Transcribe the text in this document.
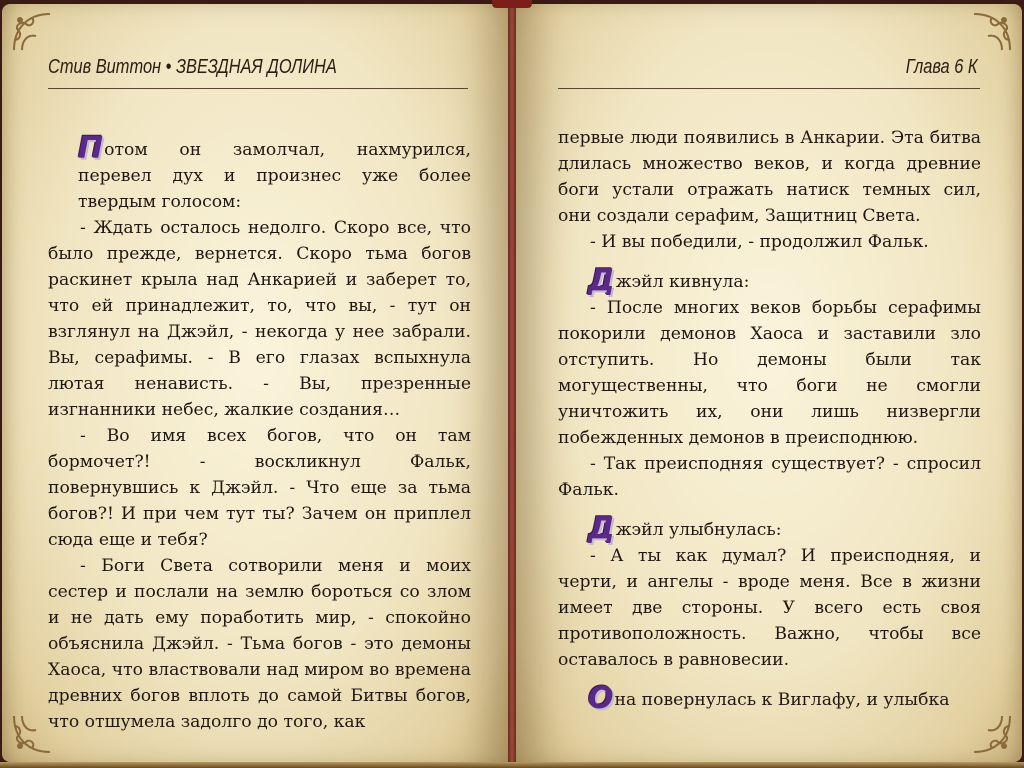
Стив Виттон • ЗВЕЗДНАЯ ДОЛИНА

Потом он замолчал, нахмурился, перевел дух и произнес уже более твердым голосом:

- Ждать осталось недолго. Скоро все, что было прежде, вернется. Скоро тьма богов раскинет крыла над Анкарией и заберет то, что ей принадлежит, то, что вы, - тут он взглянул на Джэйл, - некогда у нее забрали. Вы, серафимы. - В его глазах вспыхнула лютая ненависть. - Вы, презренные изгнанники небес, жалкие создания…

- Во имя всех богов, что он там бормочет?! - воскликнул Фальк, повернувшись к Джэйл. - Что еще за тьма богов?! И при чем тут ты? Зачем он приплел сюда еще и тебя?

- Боги Света сотворили меня и моих сестер и послали на землю бороться со злом и не дать ему поработить мир, - спокойно объяснила Джэйл. - Тьма богов - это демоны Хаоса, что властвовали над миром во времена древних богов вплоть до самой Битвы богов, что отшумела задолго до того, как

Глава 6 К

первые люди появились в Анкарии. Эта битва длилась множество веков, и когда древние боги устали отражать натиск темных сил, они создали серафим, Защитниц Света.

- И вы победили, - продолжил Фальк.

Джэйл кивнула:

- После многих веков борьбы серафимы покорили демонов Хаоса и заставили зло отступить. Но демоны были так могущественны, что боги не смогли уничтожить их, они лишь низвергли побежденных демонов в преисподнюю.

- Так преисподняя существует? - спросил Фальк.

Джэйл улыбнулась:

- А ты как думал? И преисподняя, и черти, и ангелы - вроде меня. Все в жизни имеет две стороны. У всего есть своя противоположность. Важно, чтобы все оставалось в равновесии.

Она повернулась к Виглафу, и улыбка
